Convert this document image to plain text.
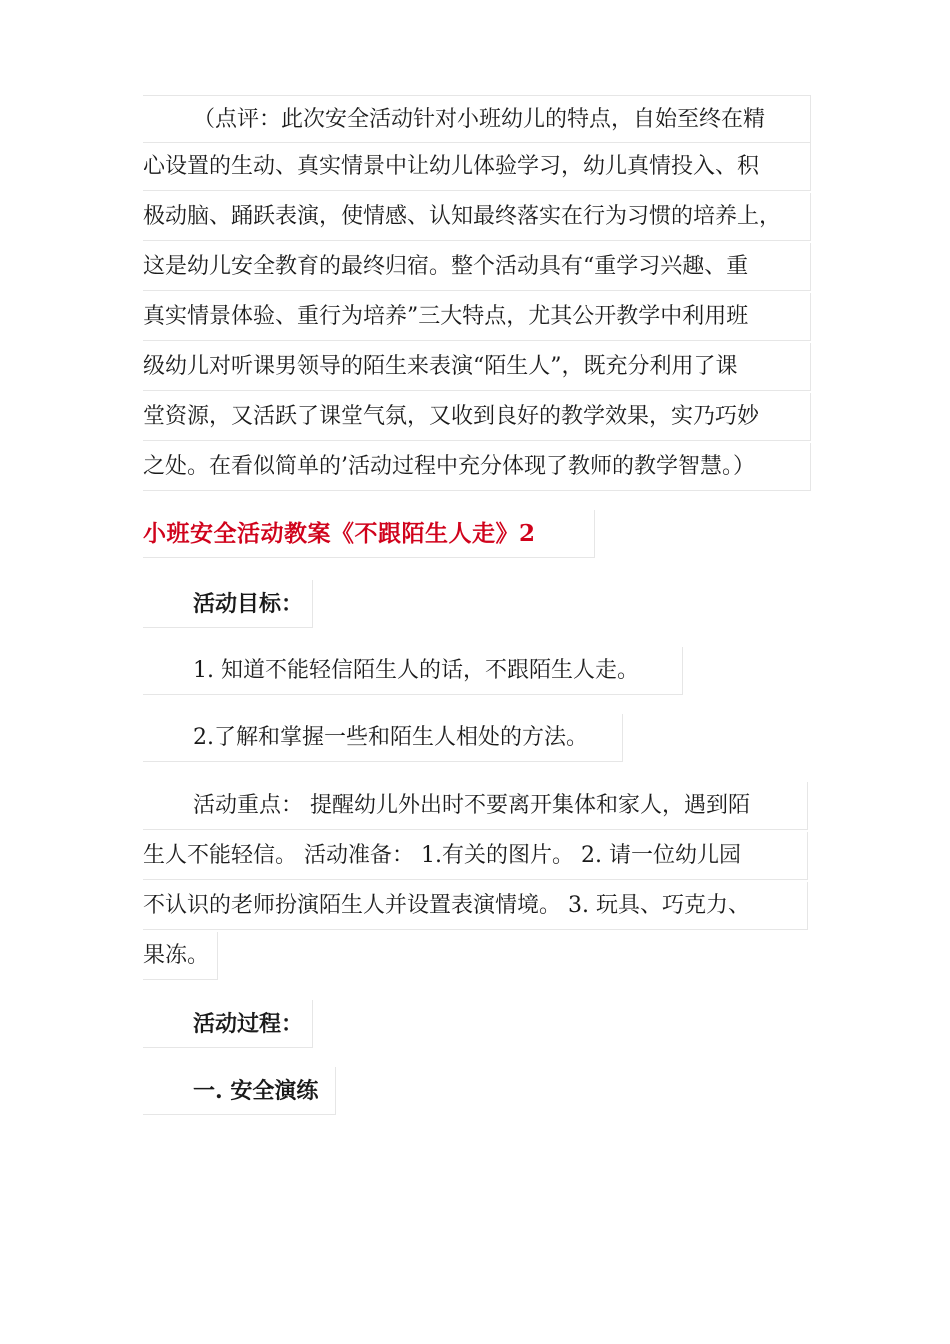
（点评：此次安全活动针对小班幼儿的特点，自始至终在精
心设置的生动、真实情景中让幼儿体验学习，幼儿真情投入、积
极动脑、踊跃表演，使情感、认知最终落实在行为习惯的培养上，
这是幼儿安全教育的最终归宿。整个活动具有“重学习兴趣、重
真实情景体验、重行为培养”三大特点，尤其公开教学中利用班
级幼儿对听课男领导的陌生来表演“陌生人”，既充分利用了课
堂资源，又活跃了课堂气氛，又收到良好的教学效果，实乃巧妙
之处。在看似简单的’活动过程中充分体现了教师的教学智慧。）
小班安全活动教案《不跟陌生人走》2
活动目标：
1. 知道不能轻信陌生人的话，不跟陌生人走。
2.了解和掌握一些和陌生人相处的方法。
活动重点： 提醒幼儿外出时不要离开集体和家人，遇到陌
生人不能轻信。 活动准备： 1.有关的图片。 2. 请一位幼儿园
不认识的老师扮演陌生人并设置表演情境。 3. 玩具、巧克力、
果冻。
活动过程：
一. 安全演练
